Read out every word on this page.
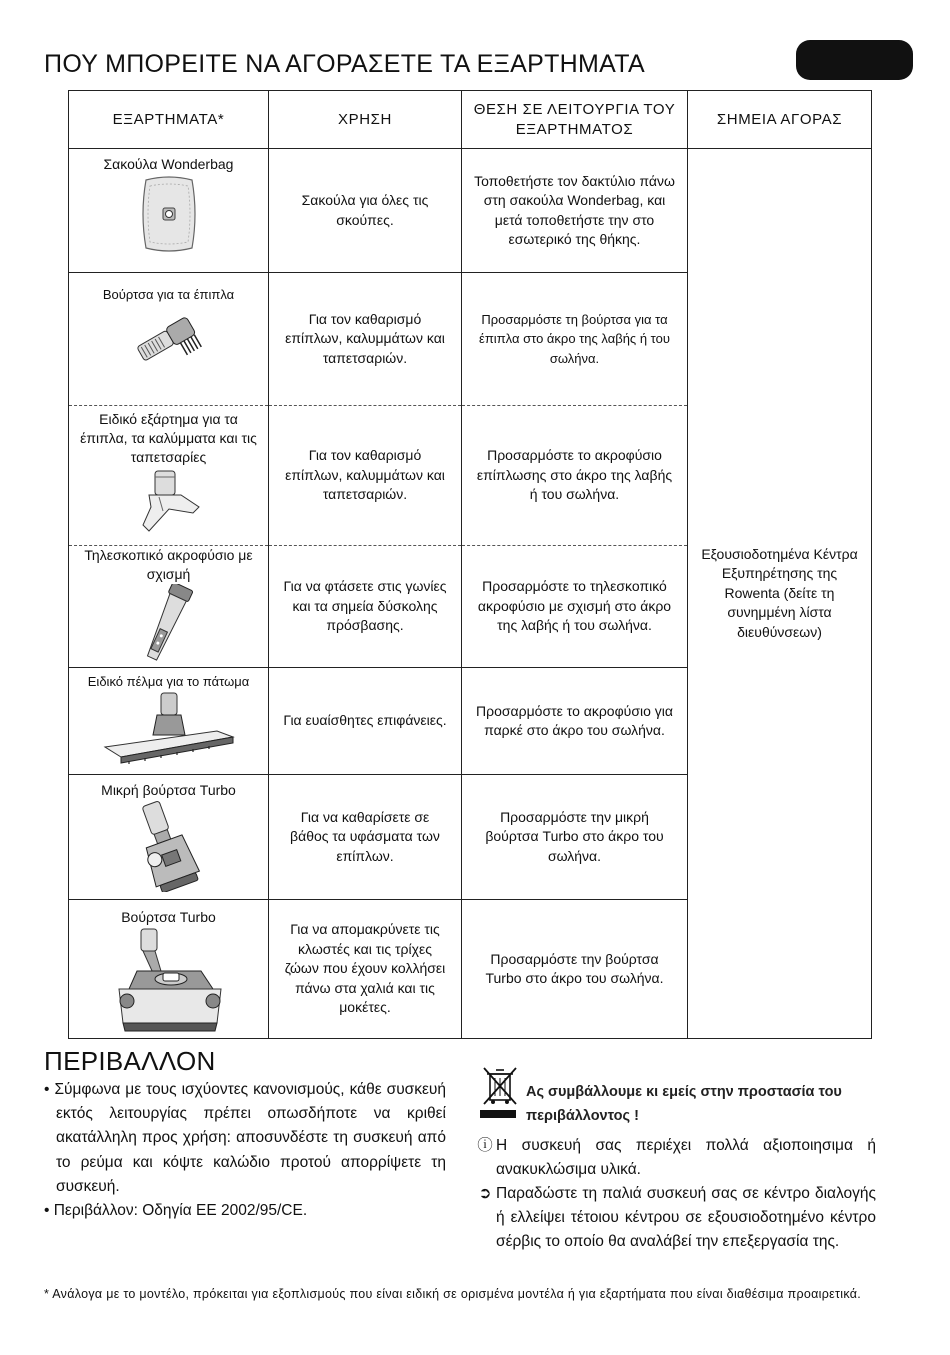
ΠΟΥ ΜΠΟΡΕΙΤΕ ΝΑ ΑΓΟΡΑΣΕΤΕ ΤΑ ΕΞΑΡΤΗΜΑΤΑ
ΕΞΑΡΤΗΜΑΤΑ*	ΧΡΗΣΗ	ΘΕΣΗ ΣΕ ΛΕΙΤΟΥΡΓΙΑ ΤΟΥ ΕΞΑΡΤΗΜΑΤΟΣ	ΣΗΜΕΙΑ ΑΓΟΡΑΣ

Σακούλα Wonderbag	Σακούλα για όλες τις σκούπες.	Τοποθετήστε τον δακτύλιο πάνω στη σακούλα Wonderbag, και μετά τοποθετήστε την στο εσωτερικό της θήκης.	Εξουσιοδοτημένα Κέντρα Εξυπηρέτησης της Rowenta (δείτε τη συνημμένη λίστα διευθύνσεων)

Βούρτσα για τα έπιπλα	Για τον καθαρισμό επίπλων, καλυμμάτων και ταπετσαριών.	Προσαρμόστε τη βούρτσα για τα έπιπλα στο άκρο της λαβής ή του σωλήνα.	

Ειδικό εξάρτημα για τα έπιπλα, τα καλύμματα και τις ταπετσαρίες	Για τον καθαρισμό επίπλων, καλυμμάτων και ταπετσαριών.	Προσαρμόστε το ακροφύσιο επίπλωσης στο άκρο της λαβής ή του σωλήνα.	

Τηλεσκοπικό ακροφύσιο με σχισμή	Για να φτάσετε στις γωνίες και τα σημεία δύσκολης πρόσβασης.	Προσαρμόστε το τηλεσκοπικό ακροφύσιο με σχισμή στο άκρο της λαβής ή του σωλήνα.	

Ειδικό πέλμα για το πάτωμα	Για ευαίσθητες επιφάνειες.	Προσαρμόστε το ακροφύσιο για παρκέ στο άκρο του σωλήνα.	

Μικρή βούρτσα Turbo	Για να καθαρίσετε σε βάθος τα υφάσματα των επίπλων.	Προσαρμόστε την μικρή βούρτσα Turbo στο άκρο του σωλήνα.	

Βούρτσα Turbo	Για να απομακρύνετε τις κλωστές και τις τρίχες ζώων που έχουν κολλήσει πάνω στα χαλιά και τις μοκέτες.	Προσαρμόστε την βούρτσα Turbo στο άκρο του σωλήνα.	
ΠΕΡΙΒΑΛΛΟΝ
• Σύμφωνα με τους ισχύοντες κανονισμούς, κάθε συσκευή εκτός λειτουργίας πρέπει οπωσδήποτε να κριθεί ακατάλληλη προς χρήση: αποσυνδέστε τη συσκευή από το ρεύμα και κόψτε καλώδιο προτού απορρίψετε τη συσκευή.
• Περιβάλλον: Οδηγία ΕΕ 2002/95/CE.
Ας συμβάλλουμε κι εμείς στην προστασία του περιβάλλοντος !
ⓘ Η συσκευή σας περιέχει πολλά αξιοποιησιμα ή ανακυκλώσιμα υλικά.
➲ Παραδώστε τη παλιά συσκευή σας σε κέντρο διαλογής ή ελλείψει τέτοιου κέντρου σε εξουσιοδοτημένο κέντρο σέρβις το οποίο θα αναλάβεί την επεξεργασία της.

* Ανάλογα με το μοντέλο, πρόκειται για εξοπλισμούς που είναι ειδική σε ορισμένα μοντέλα ή για εξαρτήματα που είναι διαθέσιμα προαιρετικά.
